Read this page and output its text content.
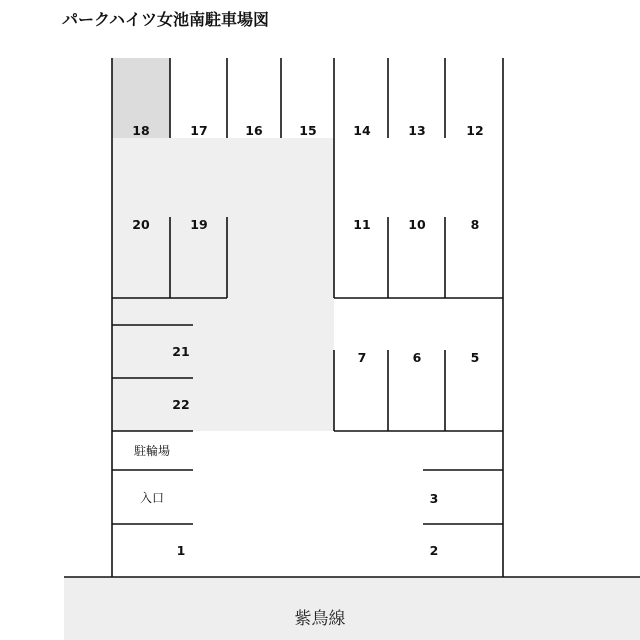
パークハイツ女池南駐車場図
18	17	16	15	14	13	12
20	19	11	10	8
21	7	6	5
22
3
1	2
駐輪場
入口
紫鳥線
